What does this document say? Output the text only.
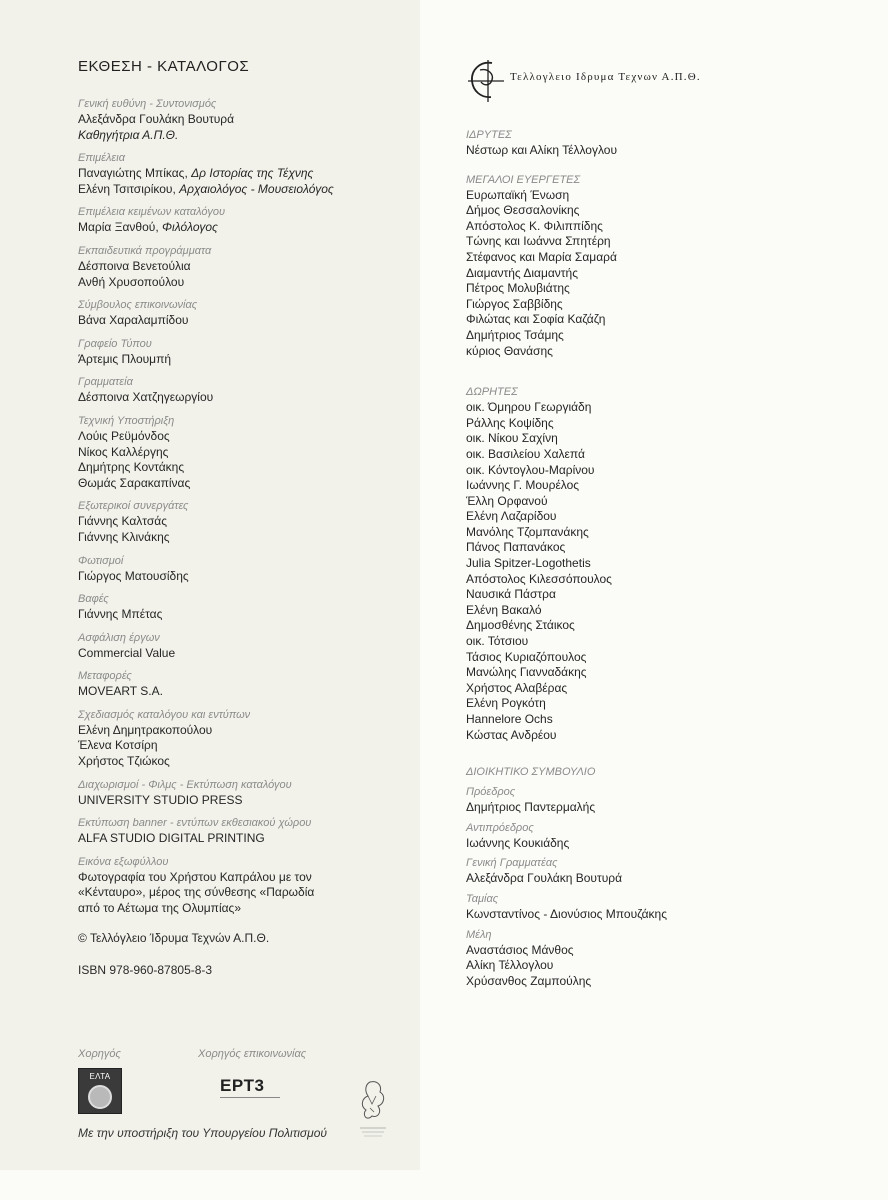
ΕΚΘΕΣΗ - ΚΑΤΑΛΟΓΟΣ
Γενική ευθύνη - Συντονισμός
Αλεξάνδρα Γουλάκη Βουτυρά
Καθηγήτρια Α.Π.Θ.
Επιμέλεια
Παναγιώτης Μπίκας, Δρ Ιστορίας της Τέχνης
Ελένη Τσιτσιρίκου, Αρχαιολόγος - Μουσειολόγος
Επιμέλεια κειμένων καταλόγου
Μαρία Ξανθού, Φιλόλογος
Εκπαιδευτικά προγράμματα
Δέσποινα Βενετούλια
Ανθή Χρυσοπούλου
Σύμβουλος επικοινωνίας
Βάνα Χαραλαμπίδου
Γραφείο Τύπου
Άρτεμις Πλουμπή
Γραμματεία
Δέσποινα Χατζηγεωργίου
Τεχνική Υποστήριξη
Λούις Ρεϋμόνδος
Νίκος Καλλέργης
Δημήτρης Κοντάκης
Θωμάς Σαρακαπίνας
Εξωτερικοί συνεργάτες
Γιάννης Καλτσάς
Γιάννης Κλινάκης
Φωτισμοί
Γιώργος Ματουσίδης
Βαφές
Γιάννης Μπέτας
Ασφάλιση έργων
Commercial Value
Μεταφορές
MOVEART S.A.
Σχεδιασμός καταλόγου και εντύπων
Ελένη Δημητρακοπούλου
Έλενα Κοτσίρη
Χρήστος Τζιώκος
Διαχωρισμοί - Φιλμς - Εκτύπωση καταλόγου
UNIVERSITY STUDIO PRESS
Εκτύπωση banner - εντύπων εκθεσιακού χώρου
ALFA STUDIO DIGITAL PRINTING
Εικόνα εξωφύλλου
Φωτογραφία του Χρήστου Καπράλου με τον
«Κένταυρο», μέρος της σύνθεσης «Παρωδία
από το Αέτωμα της Ολυμπίας»
© Τελλόγλειο Ίδρυμα Τεχνών Α.Π.Θ.
ISBN 978-960-87805-8-3
Χορηγός	Χορηγός επικοινωνίας
ΕΛΤΑ	ΕΡΤ3
Με την υποστήριξη του Υπουργείου Πολιτισμού
Τελλογλειο Ιδρυμα Τεχνων Α.Π.Θ.
ΙΔΡΥΤΕΣ
Νέστωρ και Αλίκη Τέλλογλου
ΜΕΓΑΛΟΙ ΕΥΕΡΓΕΤΕΣ
Ευρωπαϊκή Ένωση
Δήμος Θεσσαλονίκης
Απόστολος Κ. Φιλιππίδης
Τώνης και Ιωάννα Σπητέρη
Στέφανος και Μαρία Σαμαρά
Διαμαντής Διαμαντής
Πέτρος Μολυβιάτης
Γιώργος Σαββίδης
Φιλώτας και Σοφία Καζάζη
Δημήτριος Τσάμης
κύριος Θανάσης
ΔΩΡΗΤΕΣ
οικ. Όμηρου Γεωργιάδη
Ράλλης Κοψίδης
οικ. Νίκου Σαχίνη
οικ. Βασιλείου Χαλεπά
οικ. Κόντογλου-Μαρίνου
Ιωάννης Γ. Μουρέλος
Έλλη Ορφανού
Ελένη Λαζαρίδου
Μανόλης Τζομπανάκης
Πάνος Παπανάκος
Julia Spitzer-Logothetis
Απόστολος Κιλεσσόπουλος
Ναυσικά Πάστρα
Ελένη Βακαλό
Δημοσθένης Στάικος
οικ. Τότσιου
Τάσιος Κυριαζόπουλος
Μανώλης Γιανναδάκης
Χρήστος Αλαβέρας
Ελένη Ρογκότη
Hannelore Ochs
Κώστας Ανδρέου
ΔΙΟΙΚΗΤΙΚΟ ΣΥΜΒΟΥΛΙΟ
Πρόεδρος
Δημήτριος Παντερμαλής
Αντιπρόεδρος
Ιωάννης Κουκιάδης
Γενική Γραμματέας
Αλεξάνδρα Γουλάκη Βουτυρά
Ταμίας
Κωνσταντίνος - Διονύσιος Μπουζάκης
Μέλη
Αναστάσιος Μάνθος
Αλίκη Τέλλογλου
Χρύσανθος Ζαμπούλης
